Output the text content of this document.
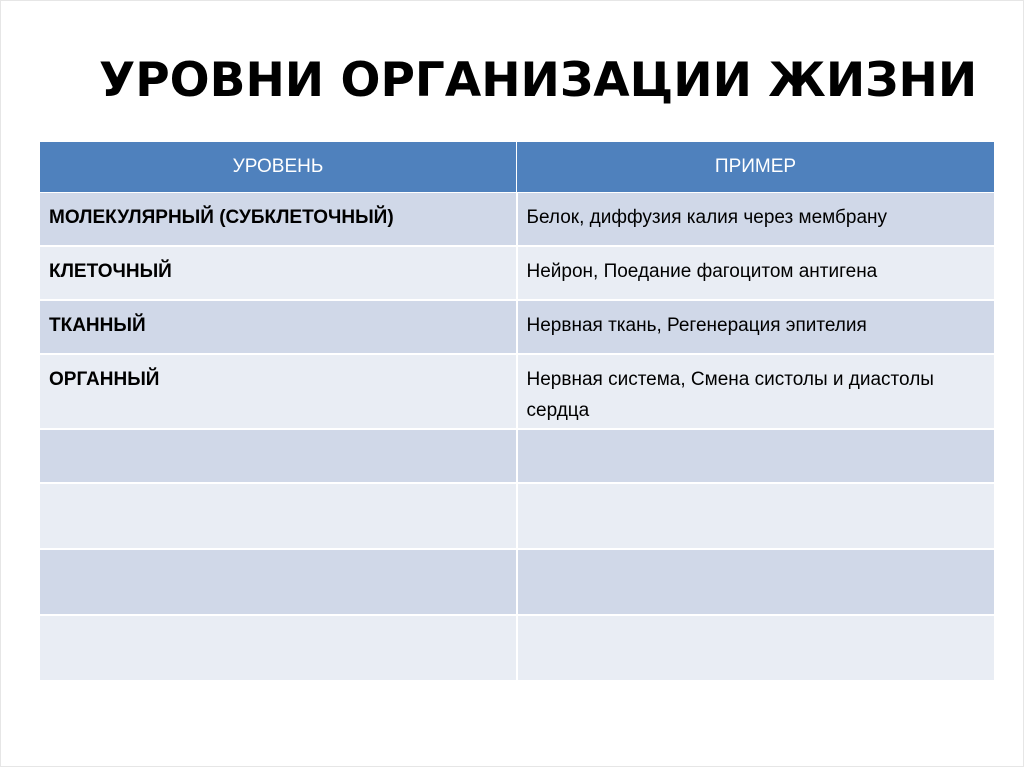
УРОВНИ ОРГАНИЗАЦИИ ЖИЗНИ
УРОВЕНЬ	ПРИМЕР
МОЛЕКУЛЯРНЫЙ (СУБКЛЕТОЧНЫЙ)	Белок, диффузия калия через мембрану
КЛЕТОЧНЫЙ	Нейрон, Поедание фагоцитом антигена
ТКАННЫЙ	Нервная ткань, Регенерация эпителия
ОРГАННЫЙ	Нервная система, Смена систолы и диастолы сердца
